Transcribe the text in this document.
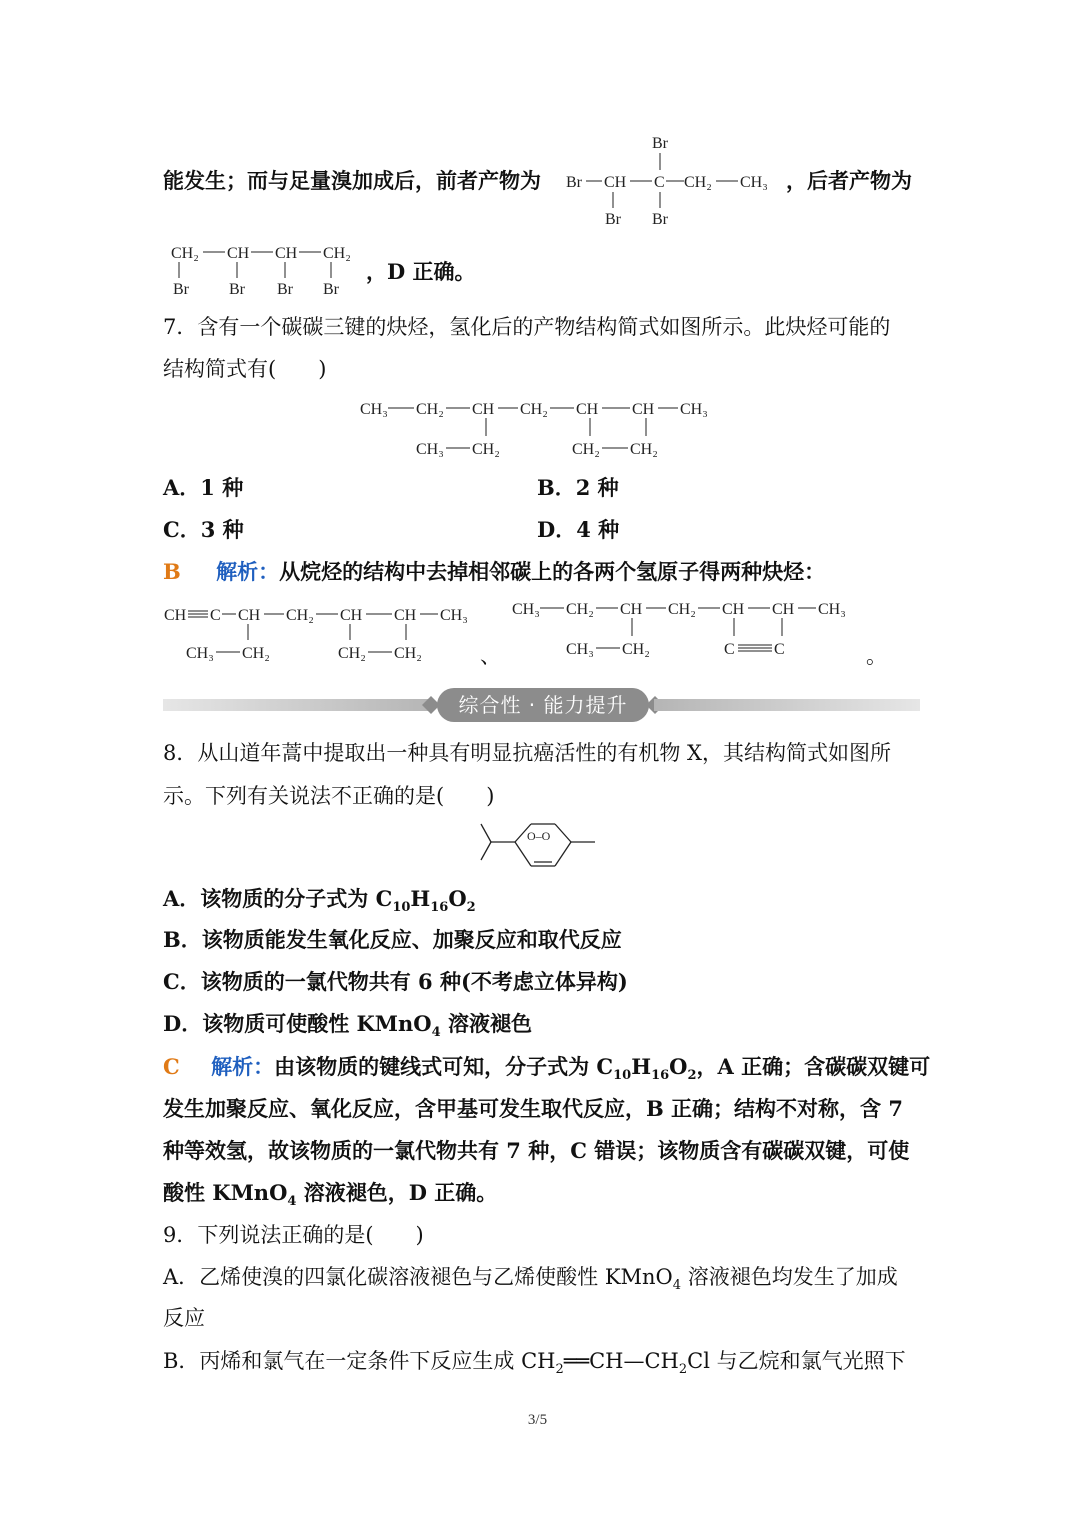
能发生；而与足量溴加成后，前者产物为
Br
Br CH C CH₂ CH₃
Br Br
，后者产物为
CH₂ CH CH CH₂
Br	Br Br Br
，D 正确。
7．含有一个碳碳三键的炔烃，氢化后的产物结构简式如图所示。此炔烃可能的
结构简式有(　　)
CH₃ CH₂ CH CH₂ CH CH CH₃
CH₃ CH₂	CH₂ CH₂
A．1 种	B．2 种
C．3 种	D．4 种
B 解析：从烷烃的结构中去掉相邻碳上的各两个氢原子得两种炔烃：
CH C CH CH₂ CH CH CH₃
CH₃ CH₂	CH₂ CH₂	、
CH₃ CH₂ CH CH₂ CH CH CH₃
CH₃ CH₂	C C	。
综合性 · 能力提升
8．从山道年蒿中提取出一种具有明显抗癌活性的有机物 X，其结构简式如图所
示。下列有关说法不正确的是(　　)
O–O
A．该物质的分子式为 $C_{10}H_{16}O_2$
B．该物质能发生氧化反应、加聚反应和取代反应
C．该物质的一氯代物共有 6 种(不考虑立体异构)
D．该物质可使酸性 KMnO$_4$ 溶液褪色
C 解析：由该物质的键线式可知，分子式为 $C_{10}H_{16}O_2$，A 正确；含碳碳双键可
发生加聚反应、氧化反应，含甲基可发生取代反应，B 正确；结构不对称，含 7
种等效氢，故该物质的一氯代物共有 7 种，C 错误；该物质含有碳碳双键，可使
酸性 KMnO$_4$ 溶液褪色，D 正确。
9．下列说法正确的是(　　)
A．乙烯使溴的四氯化碳溶液褪色与乙烯使酸性 KMnO$_4$ 溶液褪色均发生了加成
反应
B．丙烯和氯气在一定条件下反应生成 $CH_2══CH—CH_2Cl$ 与乙烷和氯气光照下
3/5
